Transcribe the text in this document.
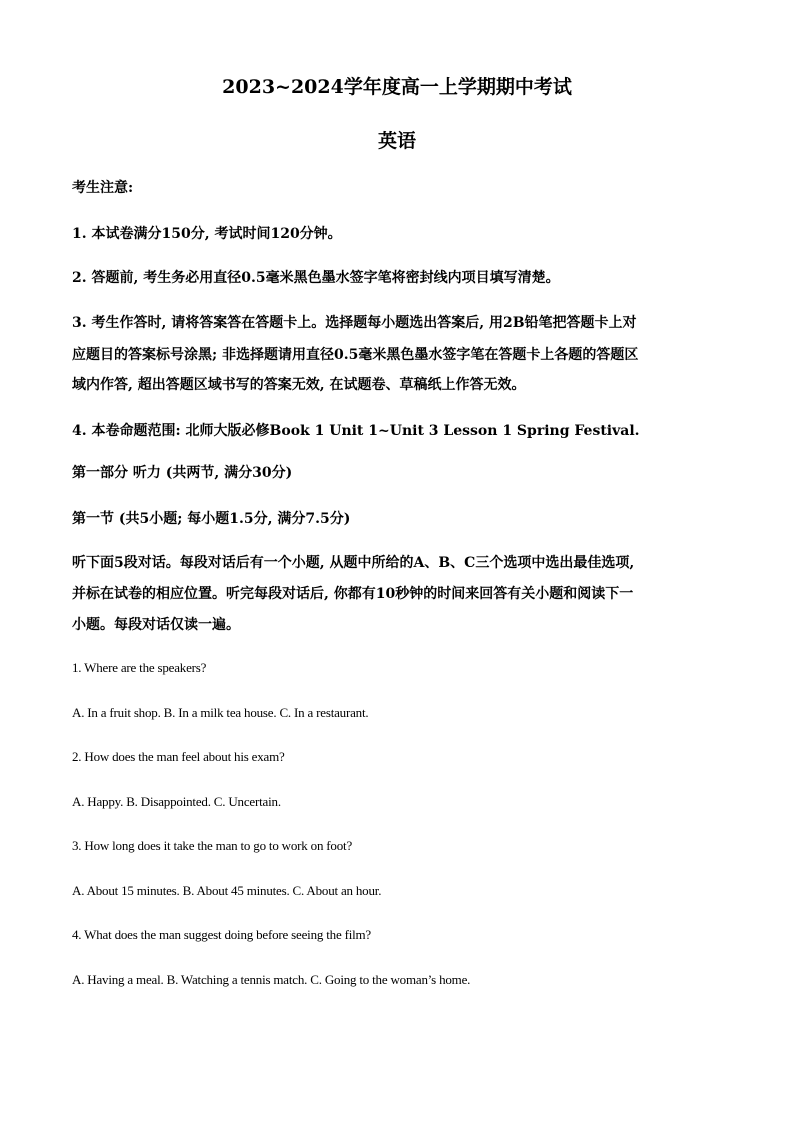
2023~2024学年度高一上学期期中考试
英语
考生注意:
1. 本试卷满分150分, 考试时间120分钟。
2. 答题前, 考生务必用直径0.5毫米黑色墨水签字笔将密封线内项目填写清楚。
3. 考生作答时, 请将答案答在答题卡上。选择题每小题选出答案后, 用2B铅笔把答题卡上对
应题目的答案标号涂黑; 非选择题请用直径0.5毫米黑色墨水签字笔在答题卡上各题的答题区
域内作答, 超出答题区域书写的答案无效, 在试题卷、草稿纸上作答无效。
4. 本卷命题范围: 北师大版必修Book 1 Unit 1~Unit 3 Lesson 1 Spring Festival.
第一部分 听力 (共两节, 满分30分)
第一节 (共5小题; 每小题1.5分, 满分7.5分)
听下面5段对话。每段对话后有一个小题, 从题中所给的A、B、C三个选项中选出最佳选项,
并标在试卷的相应位置。听完每段对话后, 你都有10秒钟的时间来回答有关小题和阅读下一
小题。每段对话仅读一遍。
1. Where are the speakers?
A. In a fruit shop. B. In a milk tea house. C. In a restaurant.
2. How does the man feel about his exam?
A. Happy. B. Disappointed. C. Uncertain.
3. How long does it take the man to go to work on foot?
A. About 15 minutes. B. About 45 minutes. C. About an hour.
4. What does the man suggest doing before seeing the film?
A. Having a meal. B. Watching a tennis match. C. Going to the woman’s home.
